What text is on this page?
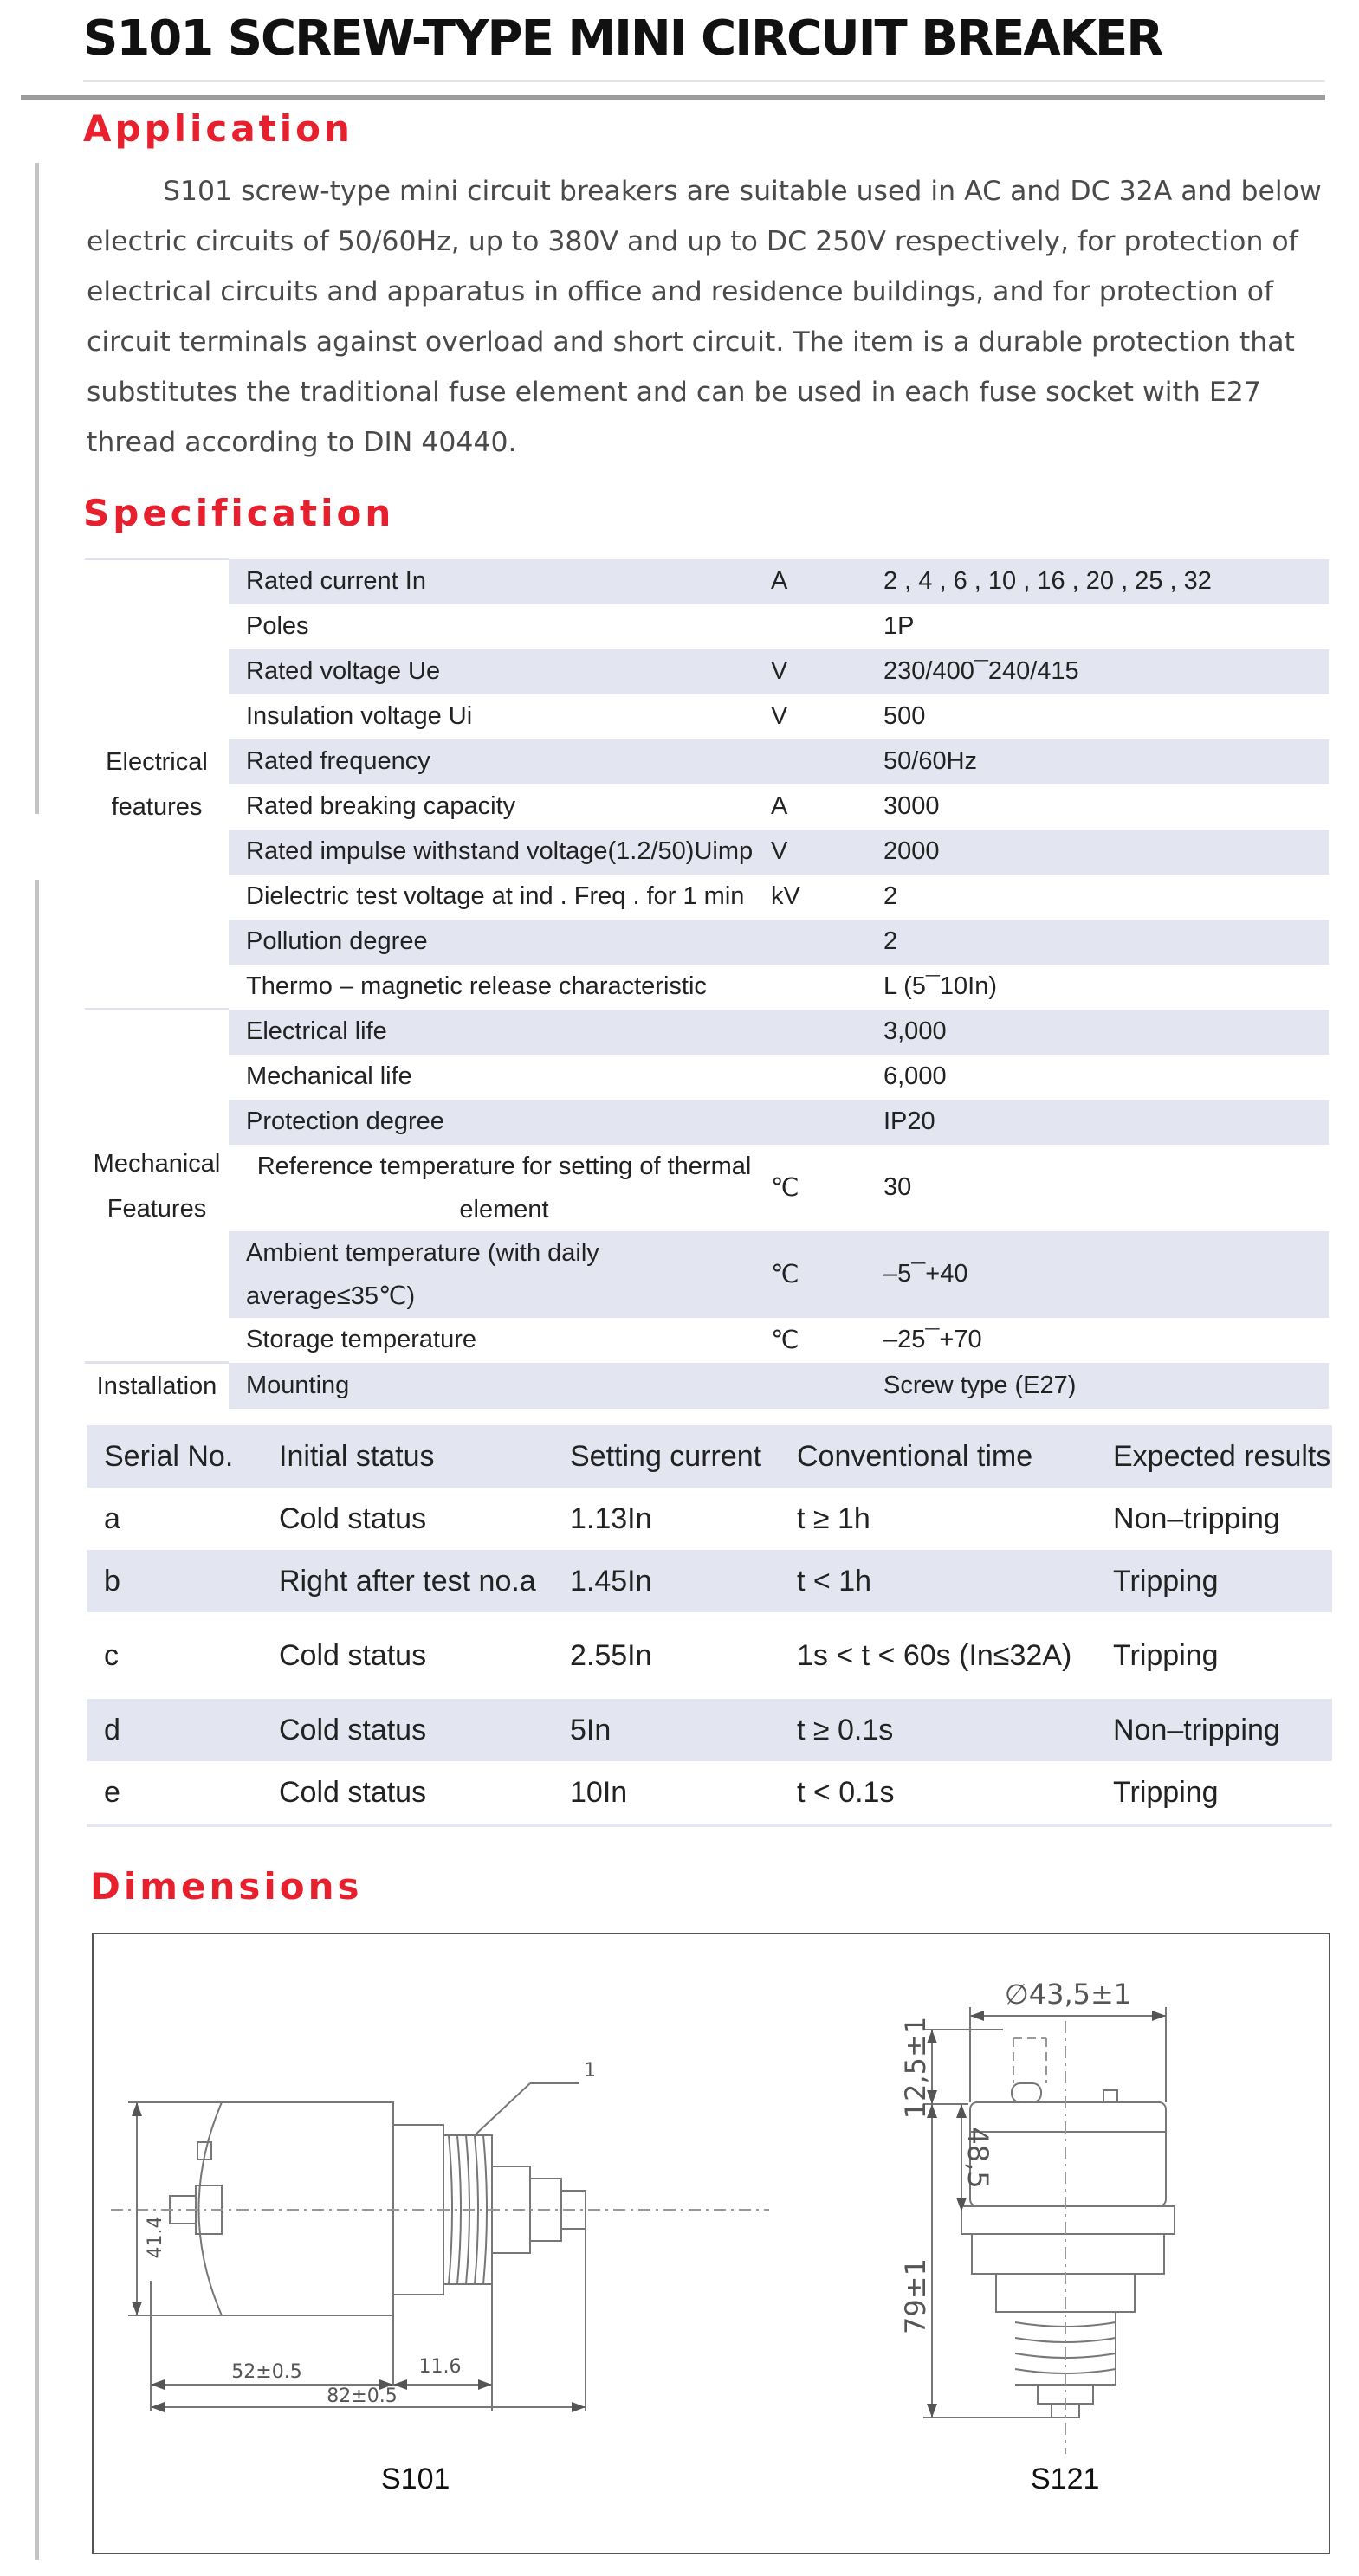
S101 SCREW-TYPE MINI CIRCUIT BREAKER
Application

S101 screw-type mini circuit breakers are suitable used in AC and DC 32A and below electric circuits of 50/60Hz, up to 380V and up to DC 250V respectively, for protection of electrical circuits and apparatus in office and residence buildings, and for protection of circuit terminals against overload and short circuit. The item is a durable protection that substitutes the traditional fuse element and can be used in each fuse socket with E27 thread according to DIN 40440.

Specification
Electrical features	Rated current In	A	2 , 4 , 6 , 10 , 16 , 20 , 25 , 32
	Poles		1P
	Rated voltage Ue	V	230/400¯240/415
	Insulation voltage Ui	V	500
	Rated frequency		50/60Hz
	Rated breaking capacity	A	3000
	Rated impulse withstand voltage(1.2/50)Uimp	V	2000
	Dielectric test voltage at ind . Freq . for 1 min	kV	2
	Pollution degree		2
	Thermo – magnetic release characteristic		L (5¯10In)
Mechanical Features	Electrical life		3,000
	Mechanical life		6,000
	Protection degree		IP20
	Reference temperature for setting of thermal element	℃	30
	Ambient temperature (with daily average≤35℃)	℃	–5¯+40
	Storage temperature	℃	–25¯+70
Installation	Mounting		Screw type (E27)
Serial No.	Initial status	Setting current	Conventional time	Expected results
a	Cold status	1.13In	t ≥ 1h	Non–tripping
b	Right after test no.a	1.45In	t < 1h	Tripping
c	Cold status	2.55In	1s < t < 60s (In≤32A)	Tripping
d	Cold status	5In	t ≥ 0.1s	Non–tripping
e	Cold status	10In	t < 0.1s	Tripping
Dimensions
41.4
52±0.5	11.6
82±0.5
1
∅43,5±1
12,5±1
48,5
79±1

S101	S121
